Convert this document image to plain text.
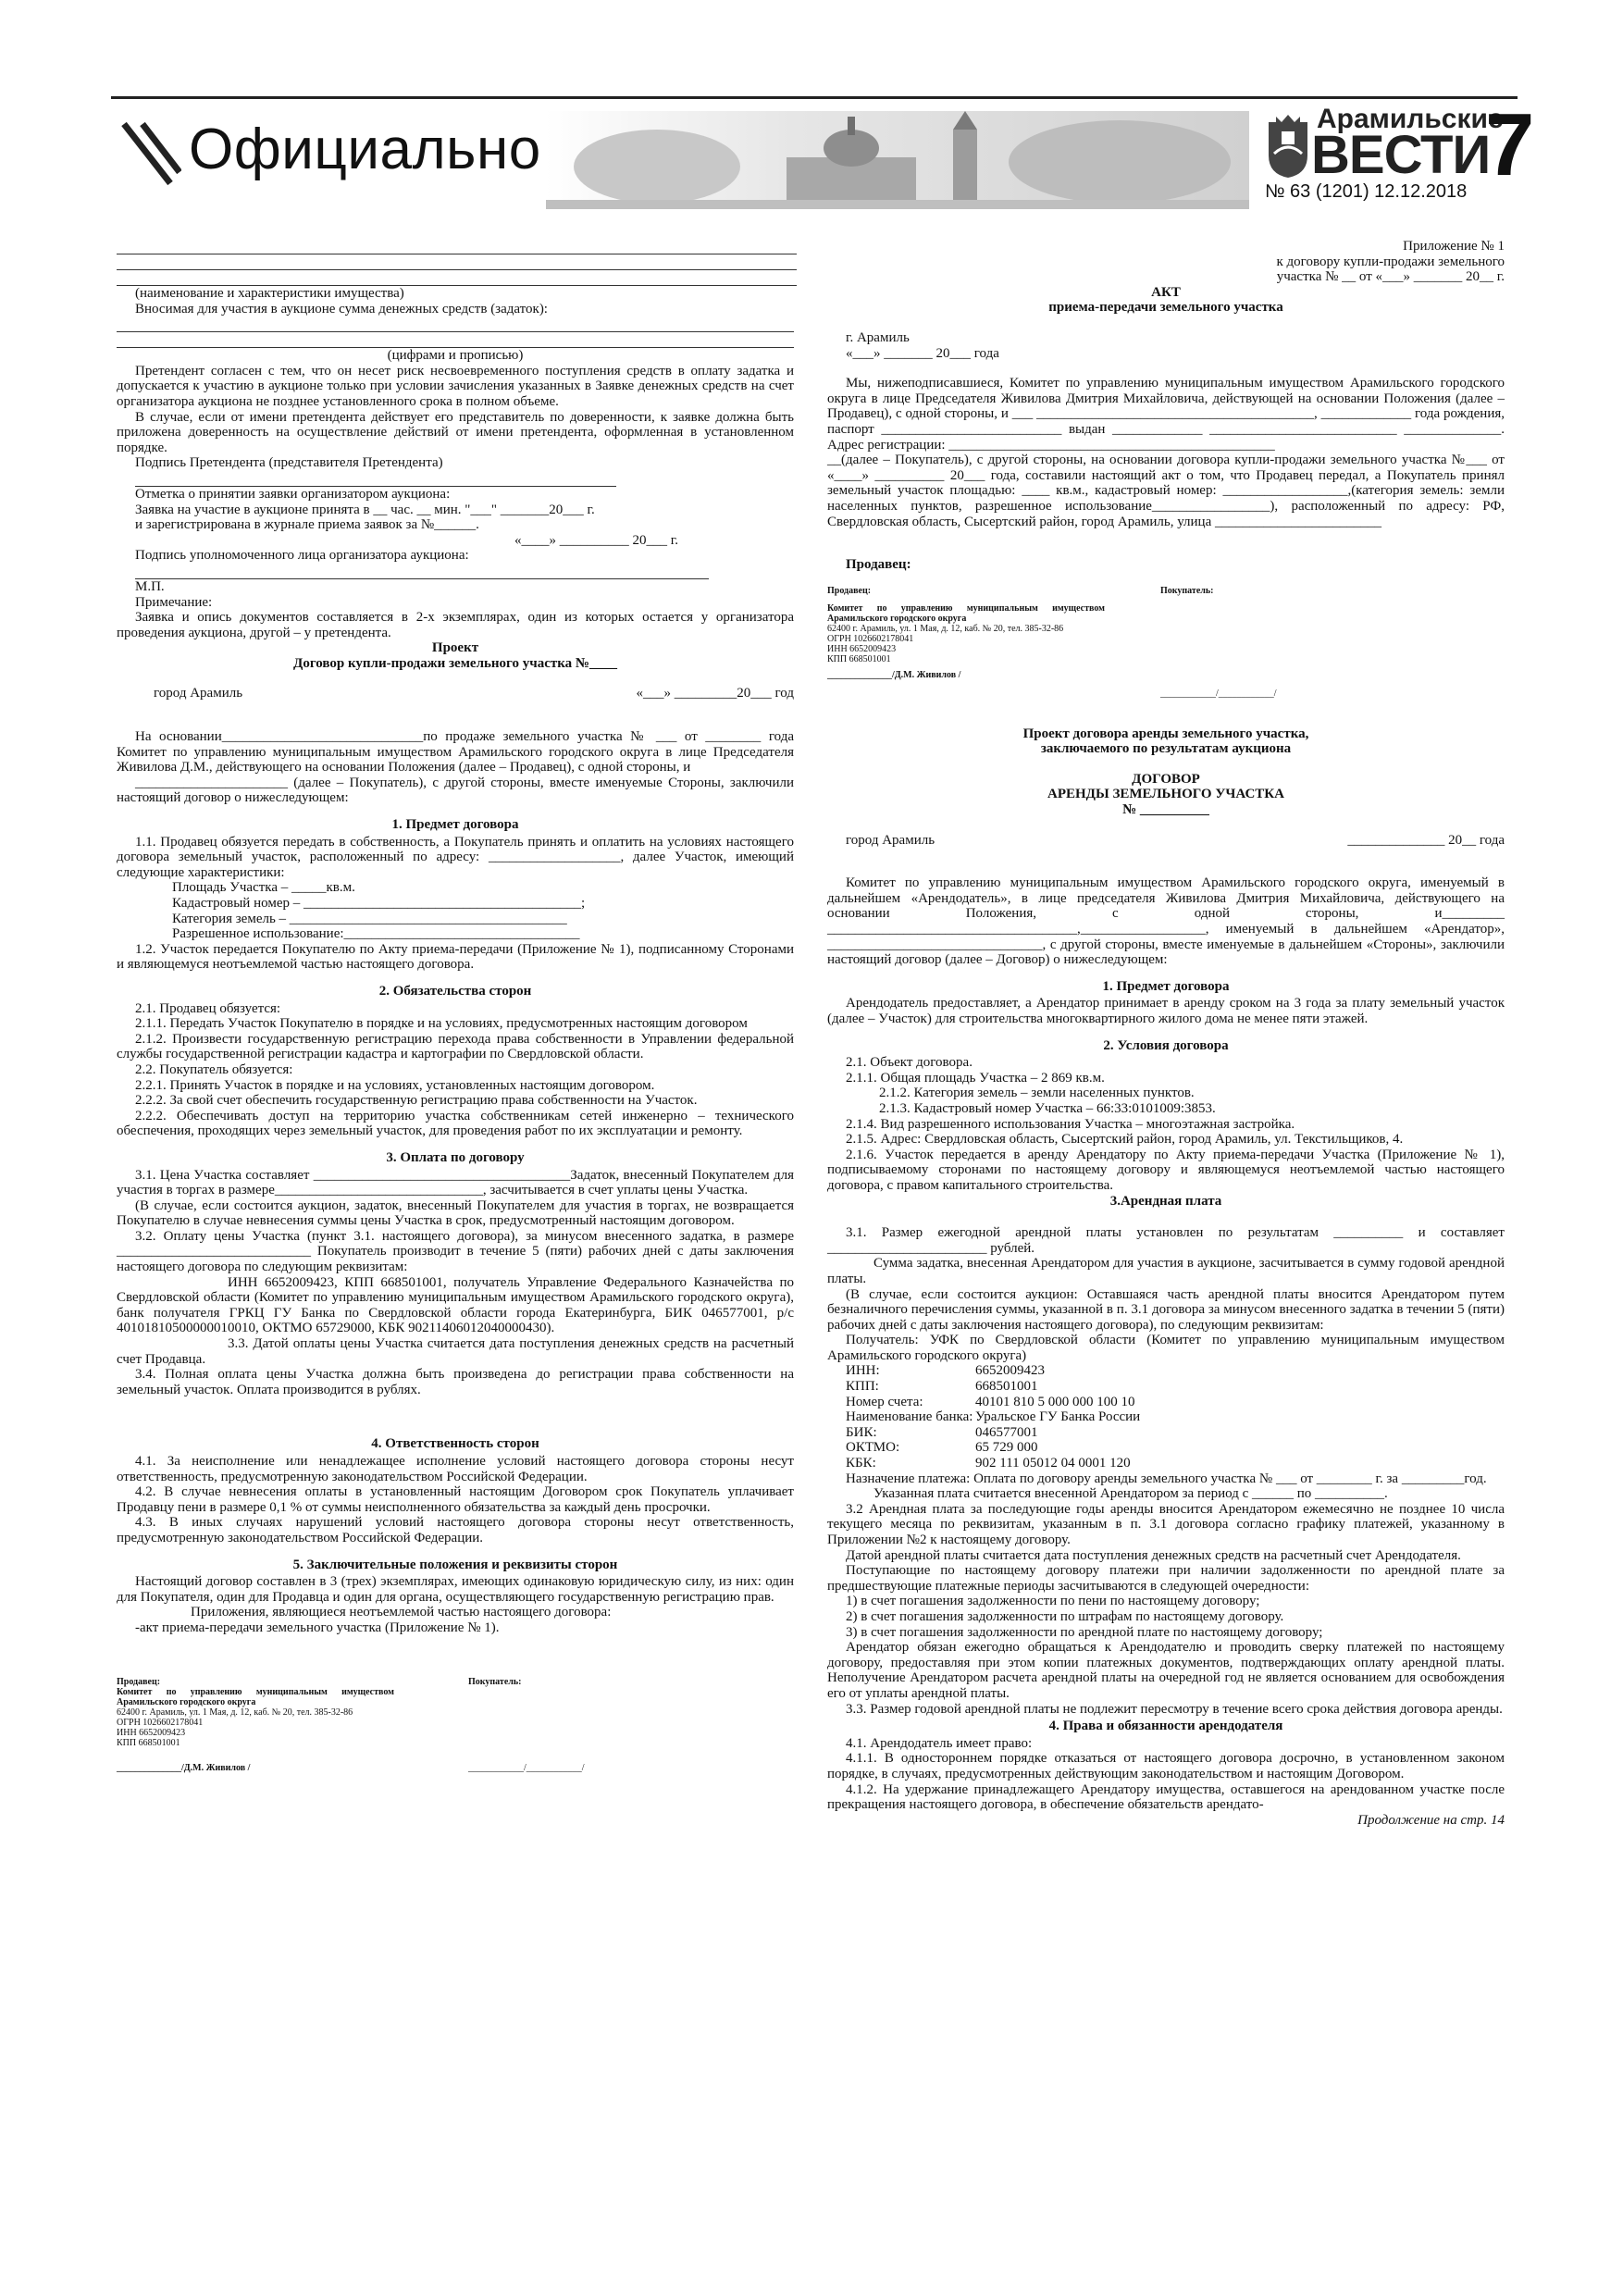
Официально	Арамильские
ВЕСТИ
№ 63 (1201) 12.12.2018 7

(наименование и характеристики имущества)

Вносимая для участия в аукционе сумма денежных средств (задаток):

(цифрами и прописью)

Претендент согласен с тем, что он несет риск несвоевременного поступления средств в оплату задатка и допускается к участию в аукционе только при условии зачисления указанных в Заявке денежных средств на счет организатора аукциона не позднее установленного срока в полном объеме.

В случае, если от имени претендента действует его представитель по доверенности, к заявке должна быть приложена доверенность на осуществление действий от имени претендента, оформленная в установленном порядке.

Подпись Претендента (представителя Претендента)

Отметка о принятии заявки организатором аукциона:

Заявка на участие в аукционе принята в __ час. __ мин. "___" _______20___ г.

и зарегистрирована в журнале приема заявок за №______.

«____» __________ 20___ г.

Подпись уполномоченного лица организатора аукциона:

М.П.

Примечание:

Заявка и опись документов составляется в 2-х экземплярах, один из которых остается у организатора проведения аукциона, другой – у претендента.

Проект

Договор купли-продажи земельного участка №____

город Арамиль	«___» _________20___ год

На основании_____________________________по продаже земельного участка № ___ от ________ года Комитет по управлению муниципальным имуществом Арамильского городского округа в лице Председателя Живилова Д.М., действующего на основании Положения (далее – Продавец), с одной стороны, и

______________________ (далее – Покупатель), с другой стороны, вместе именуемые Стороны, заключили настоящий договор о нижеследующем:

1. Предмет договора

1.1. Продавец обязуется передать в собственность, а Покупатель принять и оплатить на условиях настоящего договора земельный участок, расположенный по адресу: ___________________, далее Участок, имеющий следующие характеристики:

Площадь Участка – _____кв.м.

Кадастровый номер – ________________________________________;

Категория земель – ________________________________________

Разрешенное использование:__________________________________

1.2. Участок передается Покупателю по Акту приема-передачи (Приложение № 1), подписанному Сторонами и являющемуся неотъемлемой частью настоящего договора.

2. Обязательства сторон

2.1. Продавец обязуется:

2.1.1. Передать Участок Покупателю в порядке и на условиях, предусмотренных настоящим договором

2.1.2. Произвести государственную регистрацию перехода права собственности в Управлении федеральной службы государственной регистрации кадастра и картографии по Свердловской области.

2.2. Покупатель обязуется:

2.2.1. Принять Участок в порядке и на условиях, установленных настоящим договором.

2.2.2. За свой счет обеспечить государственную регистрацию права собственности на Участок.

2.2.2. Обеспечивать доступ на территорию участка собственникам сетей инженерно – технического обеспечения, проходящих через земельный участок, для проведения работ по их эксплуатации и ремонту.

3. Оплата по договору

3.1. Цена Участка составляет _____________________________________Задаток, внесенный Покупателем для участия в торгах в размере______________________________, засчитывается в счет уплаты цены Участка.

(В случае, если состоится аукцион, задаток, внесенный Покупателем для участия в торгах, не возвращается Покупателю в случае невнесения суммы цены Участка в срок, предусмотренный настоящим договором.

3.2. Оплату цены Участка (пункт 3.1. настоящего договора), за минусом внесенного задатка, в размере ____________________________ Покупатель производит в течение 5 (пяти) рабочих дней с даты заключения настоящего договора по следующим реквизитам:

ИНН 6652009423, КПП 668501001, получатель Управление Федерального Казначейства по Свердловской области (Комитет по управлению муниципальным имуществом Арамильского городского округа), банк получателя ГРКЦ ГУ Банка по Свердловской области города Екатеринбурга, БИК 046577001, р/с 40101810500000010010, ОКТМО 65729000, КБК 90211406012040000430).

3.3. Датой оплаты цены Участка считается дата поступления денежных средств на расчетный счет Продавца.

3.4. Полная оплата цены Участка должна быть произведена до регистрации права собственности на земельный участок. Оплата производится в рублях.

4. Ответственность сторон

4.1. За неисполнение или ненадлежащее исполнение условий настоящего договора стороны несут ответственность, предусмотренную законодательством Российской Федерации.

4.2. В случае невнесения оплаты в установленный настоящим Договором срок Покупатель уплачивает Продавцу пени в размере 0,1 % от суммы неисполненного обязательства за каждый день просрочки.

4.3. В иных случаях нарушений условий настоящего договора стороны несут ответственность, предусмотренную законодательством Российской Федерации.

5. Заключительные положения и реквизиты сторон

Настоящий договор составлен в 3 (трех) экземплярах, имеющих одинаковую юридическую силу, из них: один для Покупателя, один для Продавца и один для органа, осуществляющего государственную регистрацию прав.

Приложения, являющиеся неотъемлемой частью настоящего договора:

-акт приема-передачи земельного участка (Приложение № 1).

Продавец:

Комитет по управлению муниципальным имуществом Арамильского городского округа

62400 г. Арамиль, ул. 1 Мая, д. 12, каб. № 20, тел. 385-32-86

ОГРН 1026602178041

ИНН 6652009423

КПП 668501001

______________/Д.М. Живилов /

Покупатель:

____________/____________/

Приложение № 1

к договору купли-продажи земельного

участка № __ от «___» _______ 20__ г.

АКТ

приема-передачи земельного участка

г. Арамиль

«___» _______ 20___ года

Мы, нижеподписавшиеся, Комитет по управлению муниципальным имуществом Арамильского городского округа в лице Председателя Живилова Дмитрия Михайловича, действующей на основании Положения (далее – Продавец), с одной стороны, и ___ ________________________________________, _____________ года рождения, паспорт __________________________ выдан _____________ ___________________________ ______________. Адрес регистрации: _______________________________________________

__(далее – Покупатель), с другой стороны, на основании договора купли-продажи земельного участка №___ от «____» __________ 20___ года, составили настоящий акт о том, что Продавец передал, а Покупатель принял земельный участок площадью: ____ кв.м., кадастровый номер: __________________,(категория земель: земли населенных пунктов, разрешенное использование_________________), расположенный по адресу: РФ, Свердловская область, Сысертский район, город Арамиль, улица ________________________

Продавец:

Продавец:

Комитет по управлению муниципальным имуществом Арамильского городского округа

62400 г. Арамиль, ул. 1 Мая, д. 12, каб. № 20, тел. 385-32-86

ОГРН 1026602178041

ИНН 6652009423

КПП 668501001

______________/Д.М. Живилов /

Покупатель:

____________/____________/

Проект договора аренды земельного участка,

заключаемого по результатам аукциона

ДОГОВОР

АРЕНДЫ ЗЕМЕЛЬНОГО УЧАСТКА

№ __________

город Арамиль	______________ 20__ года

Комитет по управлению муниципальным имуществом Арамильского городского округа, именуемый в дальнейшем «Арендодатель», в лице председателя Живилова Дмитрия Михайловича, действующего на основании Положения, с одной стороны, и_________ ____________________________________,__________________, именуемый в дальнейшем «Арендатор», _______________________________, с другой стороны, вместе именуемые в дальнейшем «Стороны», заключили настоящий договор (далее – Договор) о нижеследующем:

1. Предмет договора

Арендодатель предоставляет, а Арендатор принимает в аренду сроком на 3 года за плату земельный участок (далее – Участок) для строительства многоквартирного жилого дома не менее пяти этажей.

2. Условия договора

2.1. Объект договора.

2.1.1. Общая площадь Участка – 2 869 кв.м.

2.1.2. Категория земель – земли населенных пунктов.

2.1.3. Кадастровый номер Участка – 66:33:0101009:3853.

2.1.4. Вид разрешенного использования Участка – многоэтажная застройка.

2.1.5. Адрес: Свердловская область, Сысертский район, город Арамиль, ул. Текстильщиков, 4.

2.1.6. Участок передается в аренду Арендатору по Акту приема-передачи Участка (Приложение № 1), подписываемому сторонами по настоящему договору и являющемуся неотъемлемой частью настоящего договора, с правом капитального строительства.

3.Арендная плата

3.1. Размер ежегодной арендной платы установлен по результатам __________ и составляет _______________________ рублей.

Сумма задатка, внесенная Арендатором для участия в аукционе, засчитывается в сумму годовой арендной платы.

(В случае, если состоится аукцион: Оставшаяся часть арендной платы вносится Арендатором путем безналичного перечисления суммы, указанной в п. 3.1 договора за минусом внесенного задатка в течении 5 (пяти) рабочих дней с даты заключения настоящего договора), по следующим реквизитам:

Получатель: УФК по Свердловской области (Комитет по управлению муниципальным имуществом Арамильского городского округа)

ИНН:	6652009423
КПП:	668501001
Номер счета:	40101 810 5 000 000 100 10
Наименование банка: Уральское ГУ Банка России
БИК:	046577001
ОКТМО:	65 729 000
КБК:	902 111 05012 04 0001 120

Назначение платежа: Оплата по договору аренды земельного участка № ___ от ________ г. за _________год.

Указанная плата считается внесенной Арендатором за период с ______ по __________.

3.2 Арендная плата за последующие годы аренды вносится Арендатором ежемесячно не позднее 10 числа текущего месяца по реквизитам, указанным в п. 3.1 договора согласно графику платежей, указанному в Приложении №2 к настоящему договору.

Датой арендной платы считается дата поступления денежных средств на расчетный счет Арендодателя.

Поступающие по настоящему договору платежи при наличии задолженности по арендной плате за предшествующие платежные периоды засчитываются в следующей очередности:

1) в счет погашения задолженности по пени по настоящему договору;

2) в счет погашения задолженности по штрафам по настоящему договору.

3) в счет погашения задолженности по арендной плате по настоящему договору;

Арендатор обязан ежегодно обращаться к Арендодателю и проводить сверку платежей по настоящему договору, предоставляя при этом копии платежных документов, подтверждающих оплату арендной платы. Неполучение Арендатором расчета арендной платы на очередной год не является основанием для освобождения его от уплаты арендной платы.

3.3. Размер годовой арендной платы не подлежит пересмотру в течение всего срока действия договора аренды.

4. Права и обязанности арендодателя

4.1. Арендодатель имеет право:

4.1.1. В одностороннем порядке отказаться от настоящего договора досрочно, в установленном законом порядке, в случаях, предусмотренных действующим законодательством и настоящим Договором.

4.1.2. На удержание принадлежащего Арендатору имущества, оставшегося на арендованном участке после прекращения настоящего договора, в обеспечение обязательств арендато-

Продолжение на стр. 14
